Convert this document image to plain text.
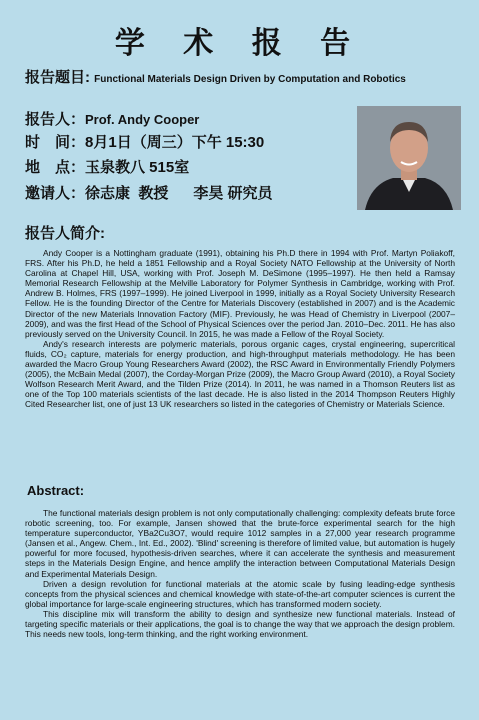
学 术 报 告
报告题目: Functional Materials Design Driven by Computation and Robotics
报告人：Prof. Andy Cooper
时　间：8月1日（周三）下午 15:30
地　点：玉泉教八 515室
邀请人：徐志康  教授      李昊 研究员
报告人简介:

Andy Cooper is a Nottingham graduate (1991), obtaining his Ph.D there in 1994 with Prof. Martyn Poliakoff, FRS. After his Ph.D, he held a 1851 Fellowship and a Royal Society NATO Fellowship at the University of North Carolina at Chapel Hill, USA, working with Prof. Joseph M. DeSimone (1995–1997). He then held a Ramsay Memorial Research Fellowship at the Melville Laboratory for Polymer Synthesis in Cambridge, working with Prof. Andrew B. Holmes, FRS (1997–1999). He joined Liverpool in 1999, initially as a Royal Society University Research Fellow. He is the founding Director of the Centre for Materials Discovery (established in 2007) and is the Academic Director of the new Materials Innovation Factory (MIF). Previously, he was Head of Chemistry in Liverpool (2007–2009), and was the first Head of the School of Physical Sciences over the period Jan. 2010–Dec. 2011. He has also previously served on the University Council. In 2015, he was made a Fellow of the Royal Society.

Andy's research interests are polymeric materials, porous organic cages, crystal engineering, supercritical fluids, CO₂ capture, materials for energy production, and high-throughput materials methodology. He has been awarded the Macro Group Young Researchers Award (2002), the RSC Award in Environmentally Friendly Polymers (2005), the McBain Medal (2007), the Corday-Morgan Prize (2009), the Macro Group Award (2010), a Royal Society Wolfson Research Merit Award, and the Tilden Prize (2014). In 2011, he was named in a Thomson Reuters list as one of the Top 100 materials scientists of the last decade. He is also listed in the 2014 Thompson Reuters Highly Cited Researcher list, one of just 13 UK researchers so listed in the categories of Chemistry or Materials Science.

Abstract:

The functional materials design problem is not only computationally challenging: complexity defeats brute force robotic screening, too. For example, Jansen showed that the brute-force experimental search for the high temperature superconductor, YBa2Cu3O7, would require 1012 samples in a 27,000 year research programme (Jansen et al., Angew. Chem., Int. Ed., 2002). 'Blind' screening is therefore of limited value, but automation is hugely powerful for more focused, hypothesis-driven searches, where it can accelerate the synthesis and measurement steps in the Materials Design Engine, and hence amplify the interaction between Computational Materials Design and Experimental Materials Design.

Driven a design revolution for functional materials at the atomic scale by fusing leading-edge synthesis concepts from the physical sciences and chemical knowledge with state-of-the-art computer sciences is current the global importance for large-scale engineering structures, which has transformed modern society.

This discipline mix will transform the ability to design and synthesize new functional materials. Instead of targeting specific materials or their applications, the goal is to change the way that we approach the design problem. This needs new tools, long-term thinking, and the right working environment.
